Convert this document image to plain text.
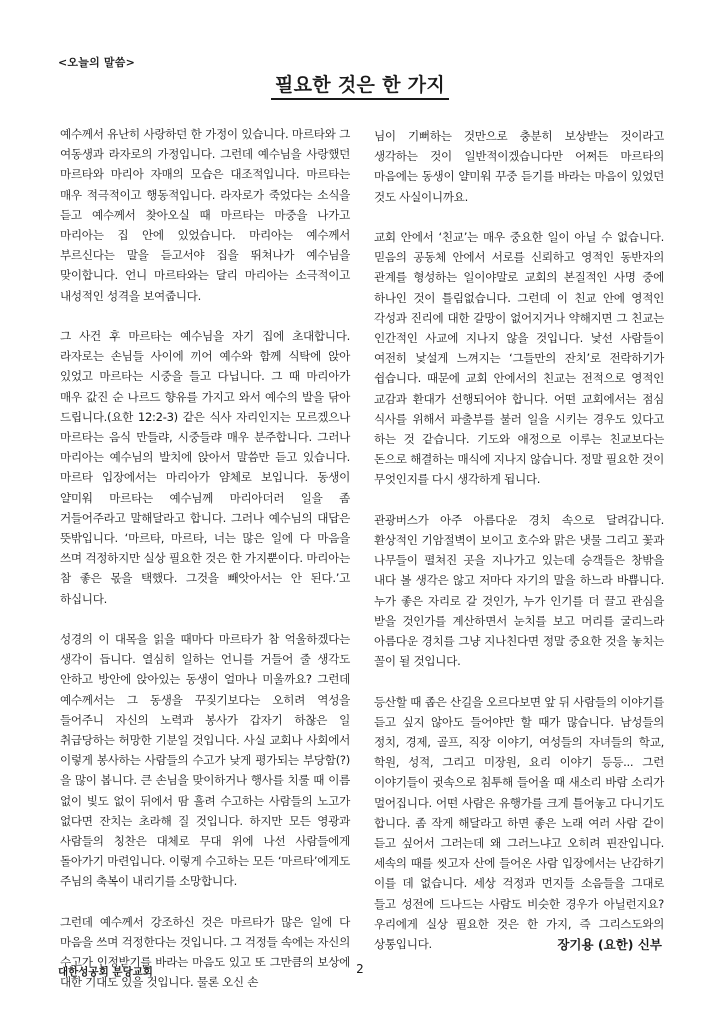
<오늘의 말씀>
필요한 것은 한 가지

예수께서 유난히 사랑하던 한 가정이 있습니다. 마르타와 그 여동생과 라자로의 가정입니다. 그런데 예수님을 사랑했던 마르타와 마리아 자매의 모습은 대조적입니다. 마르타는 매우 적극적이고 행동적입니다. 라자로가 죽었다는 소식을 듣고 예수께서 찾아오실 때 마르타는 마중을 나가고 마리아는 집 안에 있었습니다. 마리아는 예수께서 부르신다는 말을 듣고서야 집을 뛰쳐나가 예수님을 맞이합니다. 언니 마르타와는 달리 마리아는 소극적이고 내성적인 성격을 보여줍니다.

그 사건 후 마르타는 예수님을 자기 집에 초대합니다. 라자로는 손님들 사이에 끼어 예수와 함께 식탁에 앉아 있었고 마르타는 시중을 들고 다닙니다. 그 때 마리아가 매우 값진 순 나르드 향유를 가지고 와서 예수의 발을 닦아 드립니다.(요한 12:2-3) 같은 식사 자리인지는 모르겠으나 마르타는 음식 만들랴, 시중들랴 매우 분주합니다. 그러나 마리아는 예수님의 발치에 앉아서 말씀만 듣고 있습니다. 마르타 입장에서는 마리아가 얌체로 보입니다. 동생이 얄미워 마르타는 예수님께 마리아더러 일을 좀 거들어주라고 말해달라고 합니다. 그러나 예수님의 대답은 뜻밖입니다. ‘마르타, 마르타, 너는 많은 일에 다 마음을 쓰며 걱정하지만 실상 필요한 것은 한 가지뿐이다. 마리아는 참 좋은 몫을 택했다. 그것을 빼앗아서는 안 된다.’고 하십니다.

성경의 이 대목을 읽을 때마다 마르타가 참 억울하겠다는 생각이 듭니다. 열심히 일하는 언니를 거들어 줄 생각도 안하고 방안에 앉아있는 동생이 얼마나 미울까요? 그런데 예수께서는 그 동생을 꾸짖기보다는 오히려 역성을 들어주니 자신의 노력과 봉사가 갑자기 하찮은 일 취급당하는 허망한 기분일 것입니다. 사실 교회나 사회에서 이렇게 봉사하는 사람들의 수고가 낮게 평가되는 부당함(?)을 많이 봅니다. 큰 손님을 맞이하거나 행사를 치룰 때 이름 없이 빛도 없이 뒤에서 땀 흘려 수고하는 사람들의 노고가 없다면 잔치는 초라해 질 것입니다. 하지만 모든 영광과 사람들의 칭찬은 대체로 무대 위에 나선 사람들에게 돌아가기 마련입니다. 이렇게 수고하는 모든 ‘마르타’에게도 주님의 축복이 내리기를 소망합니다.

그런데 예수께서 강조하신 것은 마르타가 많은 일에 다 마음을 쓰며 걱정한다는 것입니다. 그 걱정들 속에는 자신의 수고가 인정받기를 바라는 마음도 있고 또 그만큼의 보상에 대한 기대도 있을 것입니다. 물론 오신 손

님이 기뻐하는 것만으로 충분히 보상받는 것이라고 생각하는 것이 일반적이겠습니다만 어쩌든 마르타의 마음에는 동생이 얄미워 꾸중 듣기를 바라는 마음이 있었던 것도 사실이니까요.

교회 안에서 ‘친교’는 매우 중요한 일이 아닐 수 없습니다. 믿음의 공동체 안에서 서로를 신뢰하고 영적인 동반자의 관계를 형성하는 일이야말로 교회의 본질적인 사명 중에 하나인 것이 틀림없습니다. 그런데 이 친교 안에 영적인 각성과 진리에 대한 갈망이 없어지거나 약해지면 그 친교는 인간적인 사교에 지나지 않을 것입니다. 낯선 사람들이 여전히 낯설게 느껴지는 ‘그들만의 잔치’로 전락하기가 쉽습니다. 때문에 교회 안에서의 친교는 전적으로 영적인 교감과 환대가 선행되어야 합니다. 어떤 교회에서는 점심 식사를 위해서 파출부를 불러 일을 시키는 경우도 있다고 하는 것 같습니다. 기도와 애정으로 이루는 친교보다는 돈으로 해결하는 매식에 지나지 않습니다. 정말 필요한 것이 무엇인지를 다시 생각하게 됩니다.

관광버스가 아주 아름다운 경치 속으로 달려갑니다. 환상적인 기암절벽이 보이고 호수와 맑은 냇물 그리고 꽃과 나무들이 펼쳐진 곳을 지나가고 있는데 승객들은 창밖을 내다 볼 생각은 않고 저마다 자기의 말을 하느라 바쁩니다. 누가 좋은 자리로 갈 것인가, 누가 인기를 더 끌고 관심을 받을 것인가를 계산하면서 눈치를 보고 머리를 굴리느라 아름다운 경치를 그냥 지나친다면 정말 중요한 것을 놓치는 꼴이 될 것입니다.

등산할 때 좁은 산길을 오르다보면 앞 뒤 사람들의 이야기를 듣고 싶지 않아도 들어야만 할 때가 많습니다. 남성들의 정치, 경제, 골프, 직장 이야기, 여성들의 자녀들의 학교, 학원, 성적, 그리고 미장원, 요리 이야기 등등... 그런 이야기들이 귓속으로 침투해 들어올 때 새소리 바람 소리가 멀어집니다. 어떤 사람은 유행가를 크게 틀어놓고 다니기도 합니다. 좀 작게 해달라고 하면 좋은 노래 여러 사람 같이 듣고 싶어서 그러는데 왜 그러느냐고 오히려 핀잔입니다. 세속의 때를 씻고자 산에 들어온 사람 입장에서는 난감하기 이를 데 없습니다. 세상 걱정과 먼지들 소음들을 그대로 들고 성전에 드나드는 사람도 비슷한 경우가 아닐런지요? 우리에게 실상 필요한 것은 한 가지, 즉 그리스도와의 상통입니다.	장기용 (요한) 신부
대한성공회 분당교회	2
